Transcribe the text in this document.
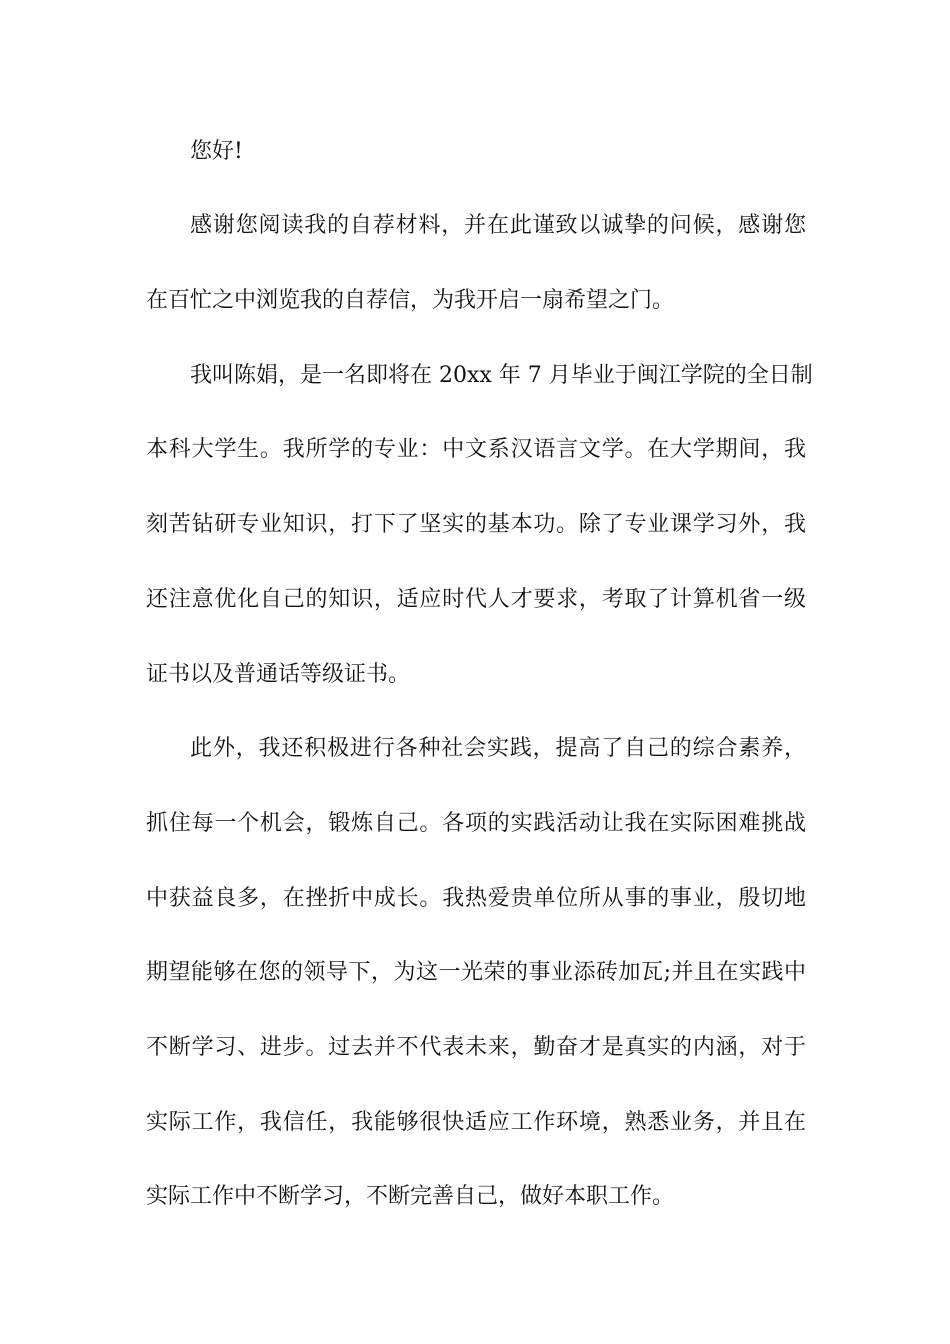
您好!
感谢您阅读我的自荐材料，并在此谨致以诚挚的问候，感谢您
在百忙之中浏览我的自荐信，为我开启一扇希望之门。
我叫陈娟，是一名即将在 20xx 年 7 月毕业于闽江学院的全日制
本科大学生。我所学的专业：中文系汉语言文学。在大学期间，我
刻苦钻研专业知识，打下了坚实的基本功。除了专业课学习外，我
还注意优化自己的知识，适应时代人才要求，考取了计算机省一级
证书以及普通话等级证书。
此外，我还积极进行各种社会实践，提高了自己的综合素养，
抓住每一个机会，锻炼自己。各项的实践活动让我在实际困难挑战
中获益良多，在挫折中成长。我热爱贵单位所从事的事业，殷切地
期望能够在您的领导下，为这一光荣的事业添砖加瓦;并且在实践中
不断学习、进步。过去并不代表未来，勤奋才是真实的内涵，对于
实际工作，我信任，我能够很快适应工作环境，熟悉业务，并且在
实际工作中不断学习，不断完善自己，做好本职工作。
